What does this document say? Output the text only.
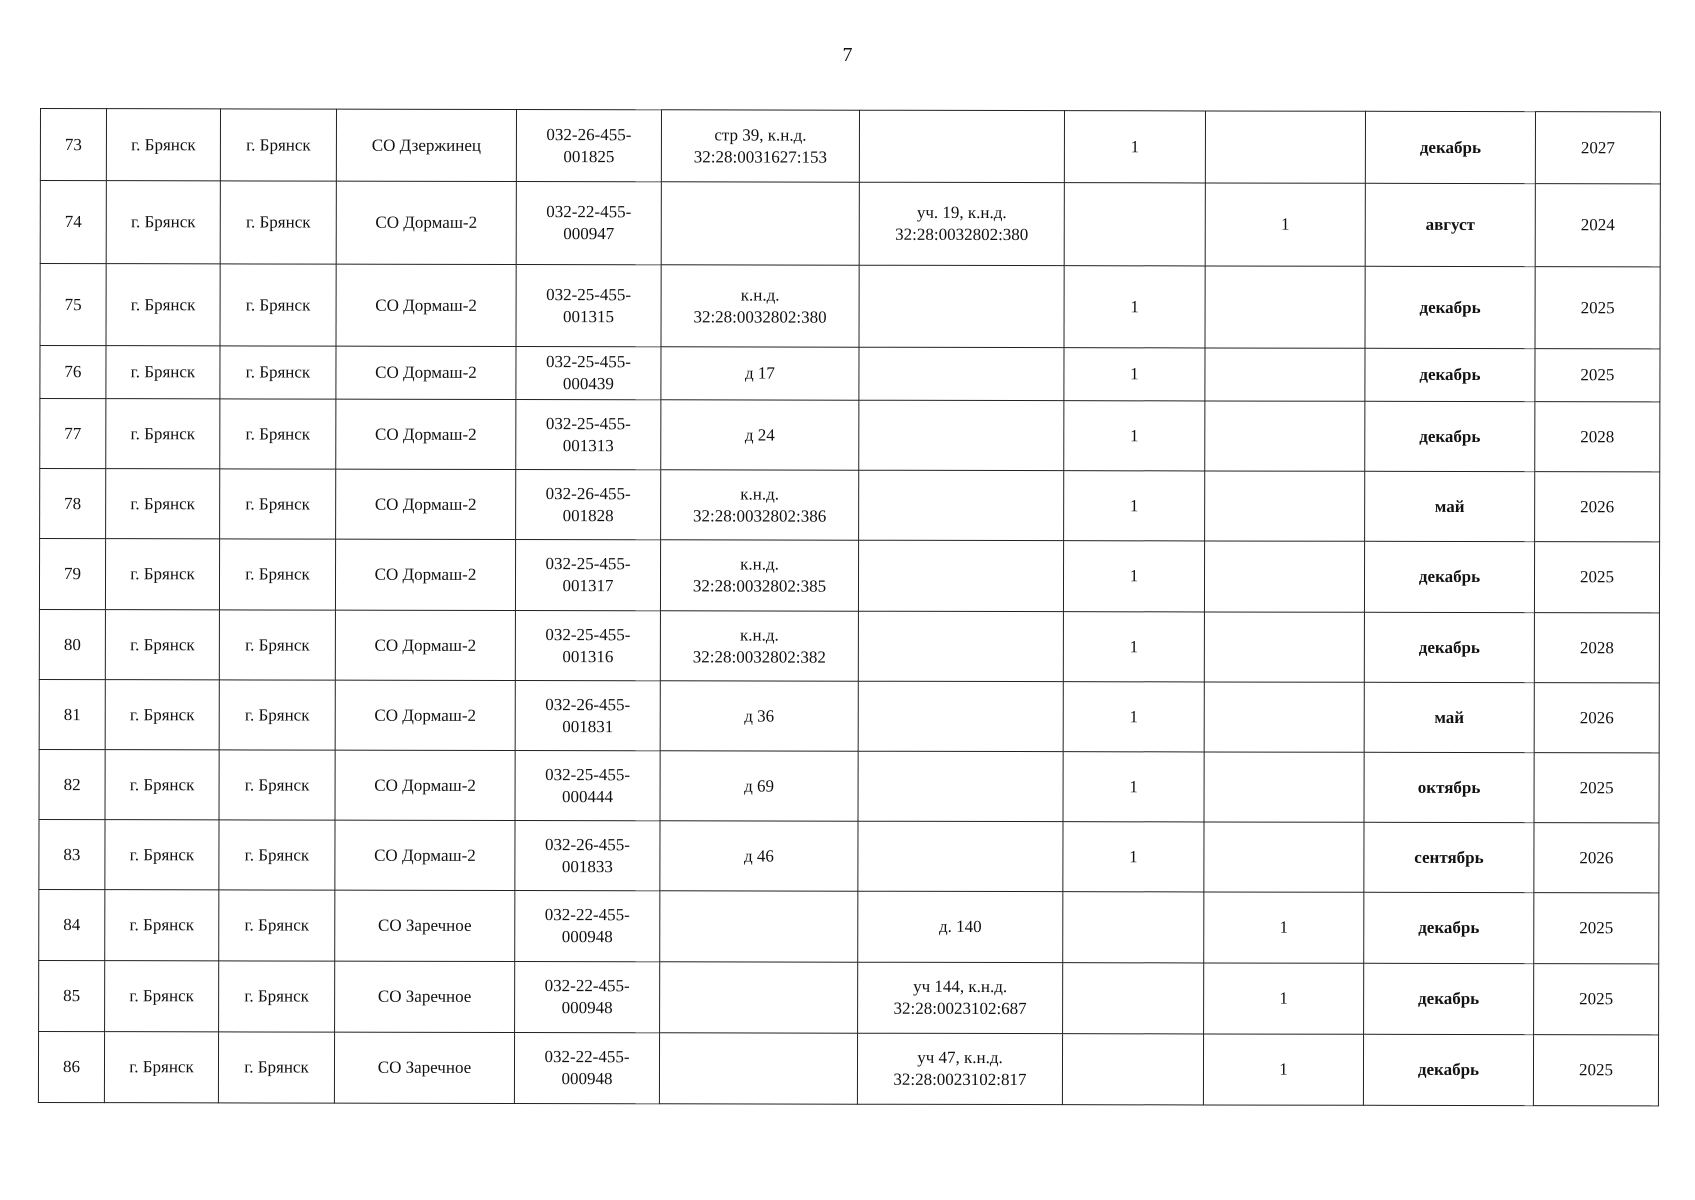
7
73	г. Брянск	г. Брянск	СО Дзержинец	032-26-455-
001825	стр 39, к.н.д.
32:28:0031627:153		1		декабрь	2027
74	г. Брянск	г. Брянск	СО Дормаш-2	032-22-455-
000947		уч. 19, к.н.д.
32:28:0032802:380		1	август	2024
75	г. Брянск	г. Брянск	СО Дормаш-2	032-25-455-
001315	к.н.д.
32:28:0032802:380		1		декабрь	2025
76	г. Брянск	г. Брянск	СО Дормаш-2	032-25-455-
000439	д 17		1		декабрь	2025
77	г. Брянск	г. Брянск	СО Дормаш-2	032-25-455-
001313	д 24		1		декабрь	2028
78	г. Брянск	г. Брянск	СО Дормаш-2	032-26-455-
001828	к.н.д.
32:28:0032802:386		1		май	2026
79	г. Брянск	г. Брянск	СО Дормаш-2	032-25-455-
001317	к.н.д.
32:28:0032802:385		1		декабрь	2025
80	г. Брянск	г. Брянск	СО Дормаш-2	032-25-455-
001316	к.н.д.
32:28:0032802:382		1		декабрь	2028
81	г. Брянск	г. Брянск	СО Дормаш-2	032-26-455-
001831	д 36		1		май	2026
82	г. Брянск	г. Брянск	СО Дормаш-2	032-25-455-
000444	д 69		1		октябрь	2025
83	г. Брянск	г. Брянск	СО Дормаш-2	032-26-455-
001833	д 46		1		сентябрь	2026
84	г. Брянск	г. Брянск	СО Заречное	032-22-455-
000948		д. 140		1	декабрь	2025
85	г. Брянск	г. Брянск	СО Заречное	032-22-455-
000948		уч 144, к.н.д.
32:28:0023102:687		1	декабрь	2025
86	г. Брянск	г. Брянск	СО Заречное	032-22-455-
000948		уч 47, к.н.д.
32:28:0023102:817		1	декабрь	2025
